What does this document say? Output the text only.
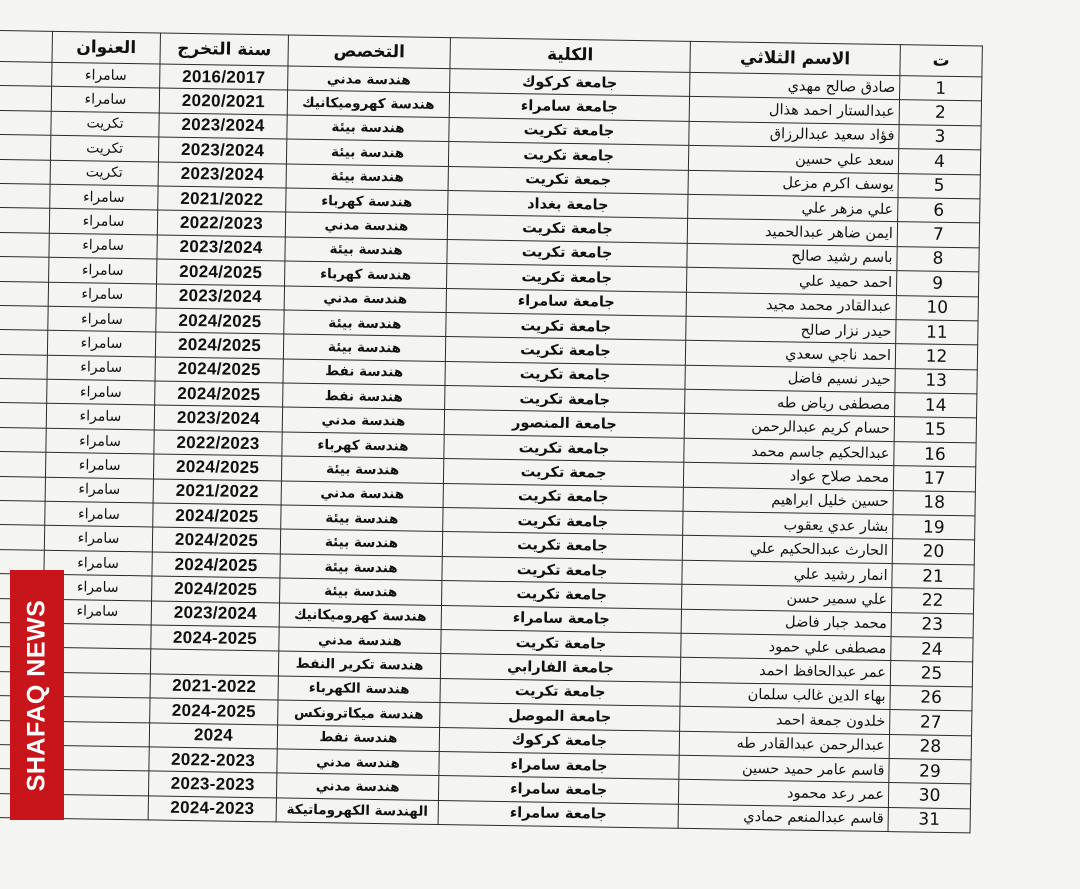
ت	الاسم الثلاثي	الكلية	التخصص	سنة التخرج	العنوان	
1	صادق صالح مهدي	جامعة كركوك	هندسة مدني	2016/2017	سامراء	
2	عبدالستار احمد هذال	جامعة سامراء	هندسة كهروميكانيك	2020/2021	سامراء	
3	فؤاد سعيد عبدالرزاق	جامعة تكريت	هندسة بيئة	2023/2024	تكريت	
4	سعد علي حسين	جامعة تكريت	هندسة بيئة	2023/2024	تكريت	
5	يوسف اكرم مزعل	جمعة تكريت	هندسة بيئة	2023/2024	تكريت	
6	علي مزهر علي	جامعة بغداد	هندسة كهرباء	2021/2022	سامراء	
7	ايمن ضاهر عبدالحميد	جامعة تكريت	هندسة مدني	2022/2023	سامراء	
8	باسم رشيد صالح	جامعة تكريت	هندسة بيئة	2023/2024	سامراء	
9	احمد حميد علي	جامعة تكريت	هندسة كهرباء	2024/2025	سامراء	
10	عبدالقادر محمد مجيد	جامعة سامراء	هندسة مدني	2023/2024	سامراء	
11	حيدر نزار صالح	جامعة تكريت	هندسة بيئة	2024/2025	سامراء	
12	احمد ناجي سعدي	جامعة تكريت	هندسة بيئة	2024/2025	سامراء	
13	حيدر نسيم فاضل	جامعة تكريت	هندسة نفط	2024/2025	سامراء	
14	مصطفى رياض طه	جامعة تكريت	هندسة نفط	2024/2025	سامراء	
15	حسام كريم عبدالرحمن	جامعة المنصور	هندسة مدني	2023/2024	سامراء	
16	عبدالحكيم جاسم محمد	جامعة تكريت	هندسة كهرباء	2022/2023	سامراء	
17	محمد صلاح عواد	جمعة تكريت	هندسة بيئة	2024/2025	سامراء	
18	حسين خليل ابراهيم	جامعة تكريت	هندسة مدني	2021/2022	سامراء	
19	بشار عدي يعقوب	جامعة تكريت	هندسة بيئة	2024/2025	سامراء	
20	الحارث عبدالحكيم علي	جامعة تكريت	هندسة بيئة	2024/2025	سامراء	
21	انمار رشيد علي	جامعة تكريت	هندسة بيئة	2024/2025	سامراء	
22	علي سمير حسن	جامعة تكريت	هندسة بيئة	2024/2025	سامراء	
23	محمد جبار فاضل	جامعة سامراء	هندسة كهروميكانيك	2023/2024	سامراء	
24	مصطفى علي حمود	جامعة تكريت	هندسة مدني	2024-2025		
25	عمر عبدالحافظ احمد	جامعة الفارابي	هندسة تكرير النفط			
26	بهاء الدين غالب سلمان	جامعة تكريت	هندسة الكهرباء	2021-2022		
27	خلدون جمعة احمد	جامعة الموصل	هندسة ميكاترونكس	2024-2025		
28	عبدالرحمن عبدالقادر طه	جامعة كركوك	هندسة نفط	2024		
29	قاسم عامر حميد حسين	جامعة سامراء	هندسة مدني	2022-2023		
30	عمر رعد محمود	جامعة سامراء	هندسة مدني	2023-2023		
31	قاسم عبدالمنعم حمادي	جامعة سامراء	الهندسة الكهروماتيكة	2024-2023		
SHAFAQ NEWS
